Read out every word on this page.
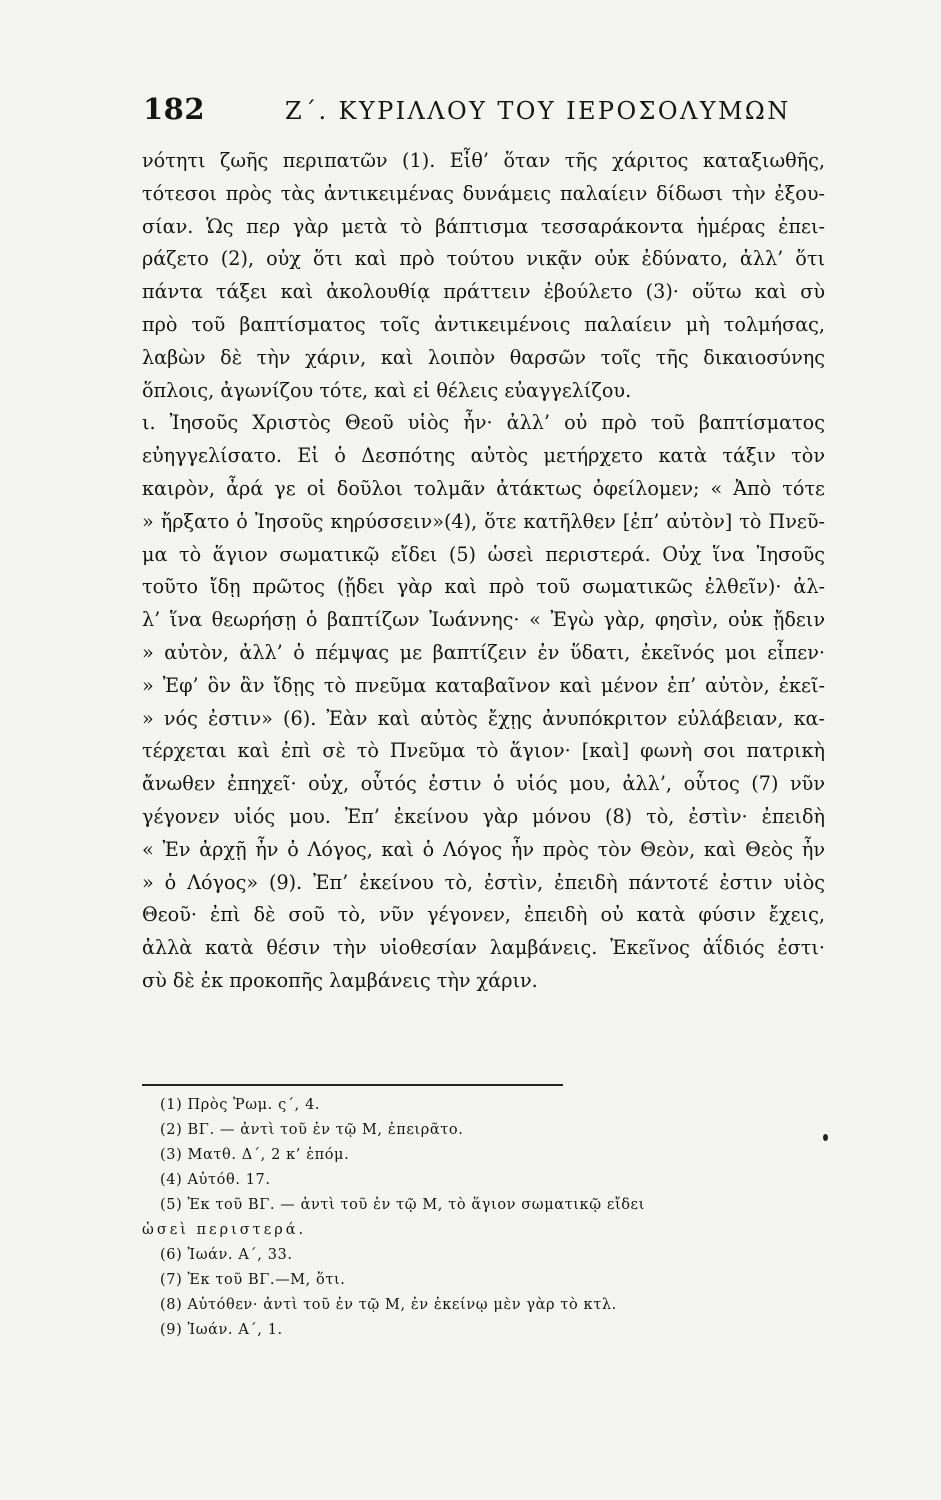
182	Ζ΄. ΚΥΡΙΛΛΟΥ ΤΟΥ ΙΕΡΟΣΟΛΥΜΩΝ
νότητι ζωῆς περιπατῶν (1). Εἶθ’ ὅταν τῆς χάριτος καταξιωθῆς,
τότεσοι πρὸς τὰς ἀντικειμένας δυνάμεις παλαίειν δίδωσι τὴν ἐξου-
σίαν. Ὡς περ γὰρ μετὰ τὸ βάπτισμα τεσσαράκοντα ἡμέρας ἐπει-
ράζετο (2), οὐχ ὅτι καὶ πρὸ τούτου νικᾷν οὐκ ἐδύνατο, ἀλλ’ ὅτι
πάντα τάξει καὶ ἀκολουθίᾳ πράττειν ἐβούλετο (3)· οὕτω καὶ σὺ
πρὸ τοῦ βαπτίσματος τοῖς ἀντικειμένοις παλαίειν μὴ τολμήσας,
λαβὼν δὲ τὴν χάριν, καὶ λοιπὸν θαρσῶν τοῖς τῆς δικαιοσύνης
ὅπλοις, ἀγωνίζου τότε, καὶ εἰ θέλεις εὐαγγελίζου.
ι. Ἰησοῦς Χριστὸς Θεοῦ υἱὸς ἦν· ἀλλ’ οὐ πρὸ τοῦ βαπτίσματος
εὐηγγελίσατο. Εἰ ὁ Δεσπότης αὐτὸς μετήρχετο κατὰ τάξιν τὸν
καιρὸν, ἆρά γε οἱ δοῦλοι τολμᾶν ἀτάκτως ὀφείλομεν; « Ἀπὸ τότε
» ἤρξατο ὁ Ἰησοῦς κηρύσσειν»(4), ὅτε κατῆλθεν [ἐπ’ αὐτὸν] τὸ Πνεῦ-
μα τὸ ἅγιον σωματικῷ εἴδει (5) ὡσεὶ περιστερά. Οὐχ ἵνα Ἰησοῦς
τοῦτο ἴδῃ πρῶτος (ᾔδει γὰρ καὶ πρὸ τοῦ σωματικῶς ἐλθεῖν)· ἀλ-
λ’ ἵνα θεωρήσῃ ὁ βαπτίζων Ἰωάννης· « Ἐγὼ γὰρ, φησὶν, οὐκ ᾔδειν
» αὐτὸν, ἀλλ’ ὁ πέμψας με βαπτίζειν ἐν ὕδατι, ἐκεῖνός μοι εἶπεν·
» Ἐφ’ ὃν ἂν ἴδῃς τὸ πνεῦμα καταβαῖνον καὶ μένον ἐπ’ αὐτὸν, ἐκεῖ-
» νός ἐστιν» (6). Ἐὰν καὶ αὐτὸς ἔχῃς ἀνυπόκριτον εὐλάβειαν, κα-
τέρχεται καὶ ἐπὶ σὲ τὸ Πνεῦμα τὸ ἅγιον· [καὶ] φωνὴ σοι πατρικὴ
ἄνωθεν ἐπηχεῖ· οὐχ, οὗτός ἐστιν ὁ υἱός μου, ἀλλ’, οὗτος (7) νῦν
γέγονεν υἱός μου. Ἐπ’ ἐκείνου γὰρ μόνου (8) τὸ, ἐστὶν· ἐπειδὴ
« Ἐν ἀρχῇ ἦν ὁ Λόγος, καὶ ὁ Λόγος ἦν πρὸς τὸν Θεὸν, καὶ Θεὸς ἦν
» ὁ Λόγος» (9). Ἐπ’ ἐκείνου τὸ, ἐστὶν, ἐπειδὴ πάντοτέ ἐστιν υἱὸς
Θεοῦ· ἐπὶ δὲ σοῦ τὸ, νῦν γέγονεν, ἐπειδὴ οὐ κατὰ φύσιν ἔχεις,
ἀλλὰ κατὰ θέσιν τὴν υἱοθεσίαν λαμβάνεις. Ἐκεῖνος ἀΐδιός ἐστι·
σὺ δὲ ἐκ προκοπῆς λαμβάνεις τὴν χάριν.
(1) Πρὸς Ῥωμ. ς΄, 4.
(2) ΒΓ. — ἀντὶ τοῦ ἐν τῷ Μ, ἐπειρᾶτο.
(3) Ματθ. Δ΄, 2 κ’ ἑπόμ.
(4) Αὐτόθ. 17.
(5) Ἐκ τοῦ ΒΓ. — ἀντὶ τοῦ ἐν τῷ Μ, τὸ ἅγιον σωματικῷ εἴδει
ὡσεὶ περιστερά.
(6) Ἰωάν. Α΄, 33.
(7) Ἐκ τοῦ ΒΓ.—Μ, ὅτι.
(8) Αὐτόθεν· ἀντὶ τοῦ ἐν τῷ Μ, ἐν ἐκείνῳ μὲν γὰρ τὸ κτλ.
(9) Ἰωάν. Α΄, 1.
